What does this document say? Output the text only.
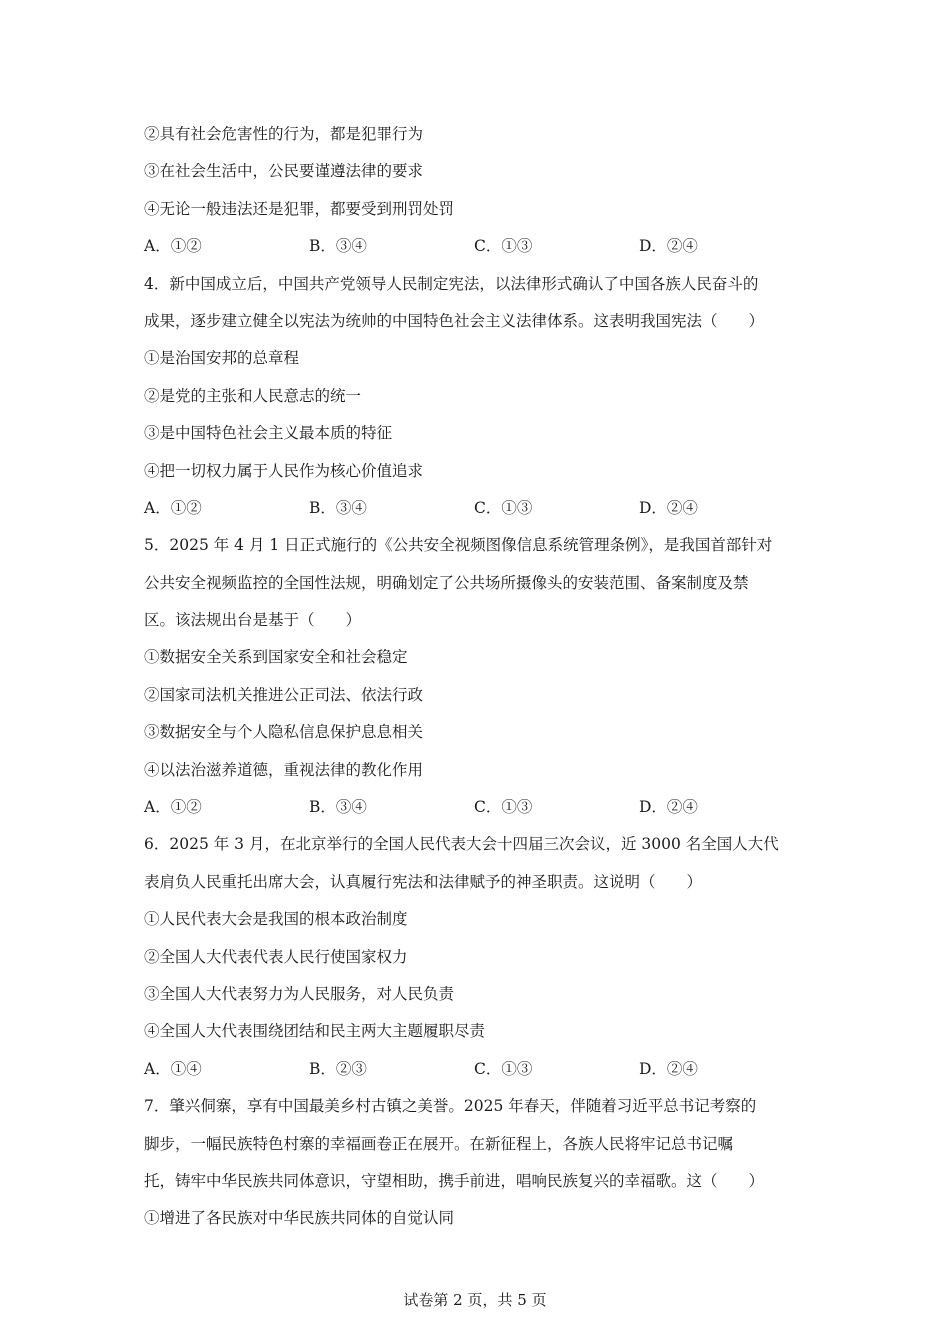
②具有社会危害性的行为，都是犯罪行为
③在社会生活中，公民要谨遵法律的要求
④无论一般违法还是犯罪，都要受到刑罚处罚
A．①②	B．③④	C．①③	D．②④
4．新中国成立后，中国共产党领导人民制定宪法，以法律形式确认了中国各族人民奋斗的
成果，逐步建立健全以宪法为统帅的中国特色社会主义法律体系。这表明我国宪法（　　）
①是治国安邦的总章程
②是党的主张和人民意志的统一
③是中国特色社会主义最本质的特征
④把一切权力属于人民作为核心价值追求
A．①②	B．③④	C．①③	D．②④
5．2025 年 4 月 1 日正式施行的《公共安全视频图像信息系统管理条例》，是我国首部针对
公共安全视频监控的全国性法规，明确划定了公共场所摄像头的安装范围、备案制度及禁
区。该法规出台是基于（　　）
①数据安全关系到国家安全和社会稳定
②国家司法机关推进公正司法、依法行政
③数据安全与个人隐私信息保护息息相关
④以法治滋养道德，重视法律的教化作用
A．①②	B．③④	C．①③	D．②④
6．2025 年 3 月，在北京举行的全国人民代表大会十四届三次会议，近 3000 名全国人大代
表肩负人民重托出席大会，认真履行宪法和法律赋予的神圣职责。这说明（　　）
①人民代表大会是我国的根本政治制度
②全国人大代表代表人民行使国家权力
③全国人大代表努力为人民服务，对人民负责
④全国人大代表围绕团结和民主两大主题履职尽责
A．①④	B．②③	C．①③	D．②④
7．肇兴侗寨，享有中国最美乡村古镇之美誉。2025 年春天，伴随着习近平总书记考察的
脚步，一幅民族特色村寨的幸福画卷正在展开。在新征程上，各族人民将牢记总书记嘱
托，铸牢中华民族共同体意识，守望相助，携手前进，唱响民族复兴的幸福歌。这（　　）
①增进了各民族对中华民族共同体的自觉认同
试卷第 2 页，共 5 页
